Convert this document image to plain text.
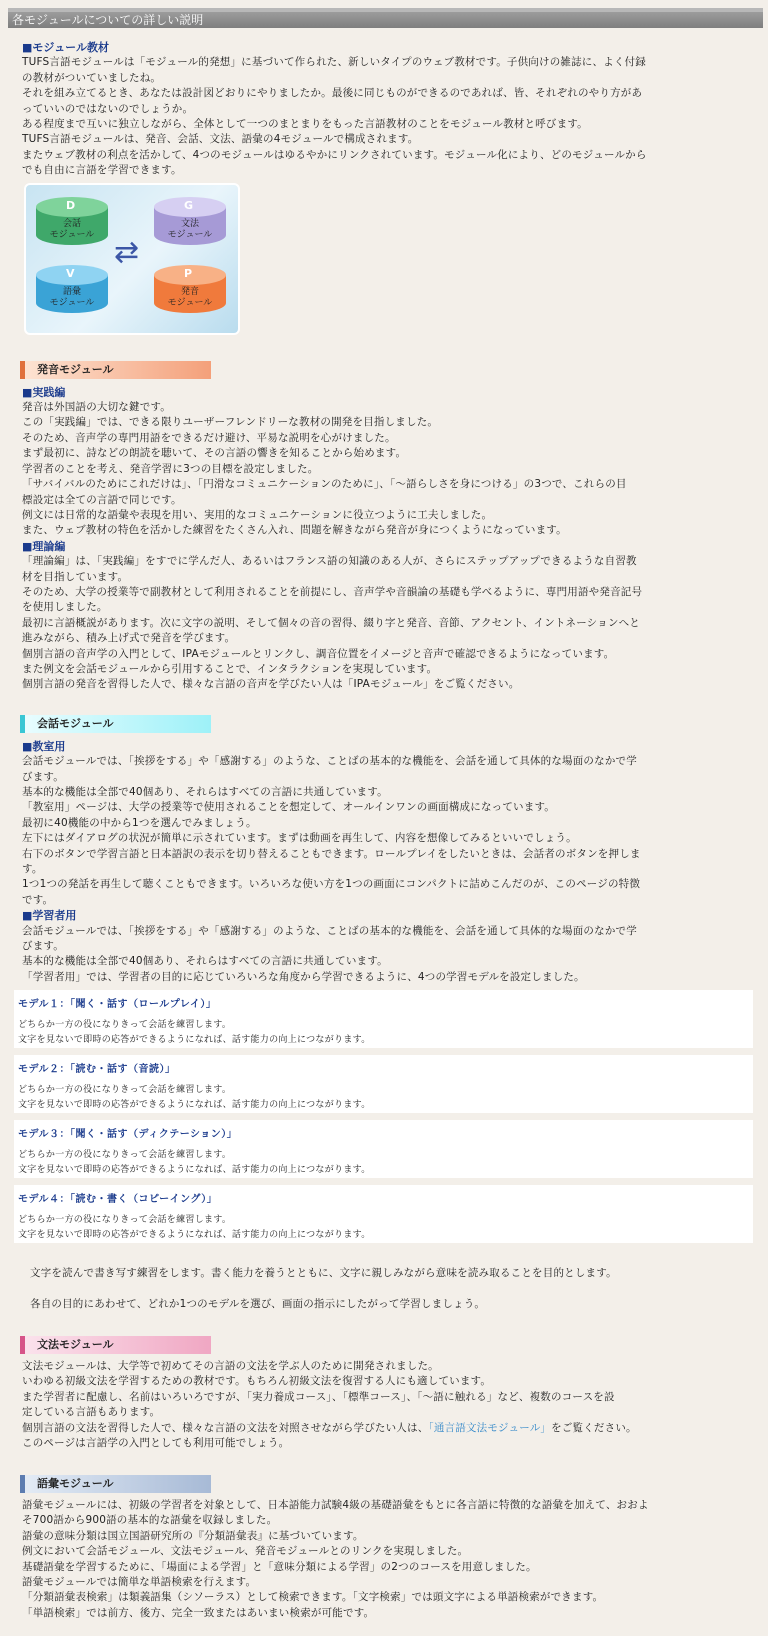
各モジュールについての詳しい説明

■ モジュール教材

TUFS言語モジュールは「モジュール的発想」に基づいて作られた、新しいタイプのウェブ教材です。子供向けの雑誌に、よく付録

の教材がついていましたね。

それを組み立てるとき、あなたは設計図どおりにやりましたか。最後に同じものができるのであれば、皆、それぞれのやり方があ

っていいのではないのでしょうか。

ある程度まで互いに独立しながら、全体として一つのまとまりをもった言語教材のことをモジュール教材と呼びます。

TUFS言語モジュールは、発音、会話、文法、語彙の4モジュールで構成されます。

またウェブ教材の利点を活かして、4つのモジュールはゆるやかにリンクされています。モジュール化により、どのモジュールから

でも自由に言語を学習できます。

D
会話
モジュール
G
文法
モジュール
V
語彙
モジュール
P
発音
モジュール
⇄
発音モジュール

■ 実践編

発音は外国語の大切な鍵です。

この「実践編」では、できる限りユーザーフレンドリーな教材の開発を目指しました。

そのため、音声学の専門用語をできるだけ避け、平易な説明を心がけました。

まず最初に、詩などの朗読を聴いて、その言語の響きを知ることから始めます。

学習者のことを考え、発音学習に3つの目標を設定しました。

「サバイバルのためにこれだけは」、「円滑なコミュニケーションのために」、「〜語らしさを身につける」の3つで、これらの目

標設定は全ての言語で同じです。

例文には日常的な語彙や表現を用い、実用的なコミュニケーションに役立つように工夫しました。

また、ウェブ教材の特色を活かした練習をたくさん入れ、問題を解きながら発音が身につくようになっています。

■ 理論編

「理論編」は、「実践編」をすでに学んだ人、あるいはフランス語の知識のある人が、さらにステップアップできるような自習教

材を目指しています。

そのため、大学の授業等で副教材として利用されることを前提にし、音声学や音韻論の基礎も学べるように、専門用語や発音記号

を使用しました。

最初に言語概説があります。次に文字の説明、そして個々の音の習得、綴り字と発音、音節、アクセント、イントネーションへと

進みながら、積み上げ式で発音を学びます。

個別言語の音声学の入門として、IPAモジュールとリンクし、調音位置をイメージと音声で確認できるようになっています。

また例文を会話モジュールから引用することで、インタラクションを実現しています。

個別言語の発音を習得した人で、様々な言語の音声を学びたい人は「IPAモジュール」をご覧ください。

会話モジュール

■ 教室用

会話モジュールでは、「挨拶をする」や「感謝する」のような、ことばの基本的な機能を、会話を通して具体的な場面のなかで学

びます。

基本的な機能は全部で40個あり、それらはすべての言語に共通しています。

「教室用」ページは、大学の授業等で使用されることを想定して、オールインワンの画面構成になっています。

最初に40機能の中から1つを選んでみましょう。

左下にはダイアログの状況が簡単に示されています。まずは動画を再生して、内容を想像してみるといいでしょう。

右下のボタンで学習言語と日本語訳の表示を切り替えることもできます。ロールプレイをしたいときは、会話者のボタンを押しま

す。

1つ1つの発話を再生して聴くこともできます。いろいろな使い方を1つの画面にコンパクトに詰めこんだのが、このページの特徴

です。

■ 学習者用

会話モジュールでは、「挨拶をする」や「感謝する」のような、ことばの基本的な機能を、会話を通して具体的な場面のなかで学

びます。

基本的な機能は全部で40個あり、それらはすべての言語に共通しています。

「学習者用」では、学習者の目的に応じていろいろな角度から学習できるように、4つの学習モデルを設定しました。

モデル１：「聞く・話す（ロールプレイ）」
どちらか一方の役になりきって会話を練習します。
文字を見ないで即時の応答ができるようになれば、話す能力の向上につながります。
モデル２：「読む・話す（音読）」
どちらか一方の役になりきって会話を練習します。
文字を見ないで即時の応答ができるようになれば、話す能力の向上につながります。
モデル３：「聞く・話す（ディクテーション）」
どちらか一方の役になりきって会話を練習します。
文字を見ないで即時の応答ができるようになれば、話す能力の向上につながります。
モデル４：「読む・書く（コピーイング）」
どちらか一方の役になりきって会話を練習します。
文字を見ないで即時の応答ができるようになれば、話す能力の向上につながります。

文字を読んで書き写す練習をします。書く能力を養うとともに、文字に親しみながら意味を読み取ることを目的とします。

各自の目的にあわせて、どれか1つのモデルを選び、画面の指示にしたがって学習しましょう。

文法モジュール

文法モジュールは、大学等で初めてその言語の文法を学ぶ人のために開発されました。

いわゆる初級文法を学習するための教材です。もちろん初級文法を復習する人にも適しています。

また学習者に配慮し、名前はいろいろですが、「実力養成コース」、「標準コース」、「〜語に触れる」など、複数のコースを設

定している言語もあります。

個別言語の文法を習得した人で、様々な言語の文法を対照させながら学びたい人は、「通言語文法モジュール」をご覧ください。

このページは言語学の入門としても利用可能でしょう。

語彙モジュール

語彙モジュールには、初級の学習者を対象として、日本語能力試験4級の基礎語彙をもとに各言語に特徴的な語彙を加えて、おおよ

そ700語から900語の基本的な語彙を収録しました。

語彙の意味分類は国立国語研究所の『分類語彙表』に基づいています。

例文において会話モジュール、文法モジュール、発音モジュールとのリンクを実現しました。

基礎語彙を学習するために、「場面による学習」と「意味分類による学習」の2つのコースを用意しました。

語彙モジュールでは簡単な単語検索を行えます。

「分類語彙表検索」は類義語集（シソーラス）として検索できます。「文字検索」では頭文字による単語検索ができます。

「単語検索」では前方、後方、完全一致またはあいまい検索が可能です。
